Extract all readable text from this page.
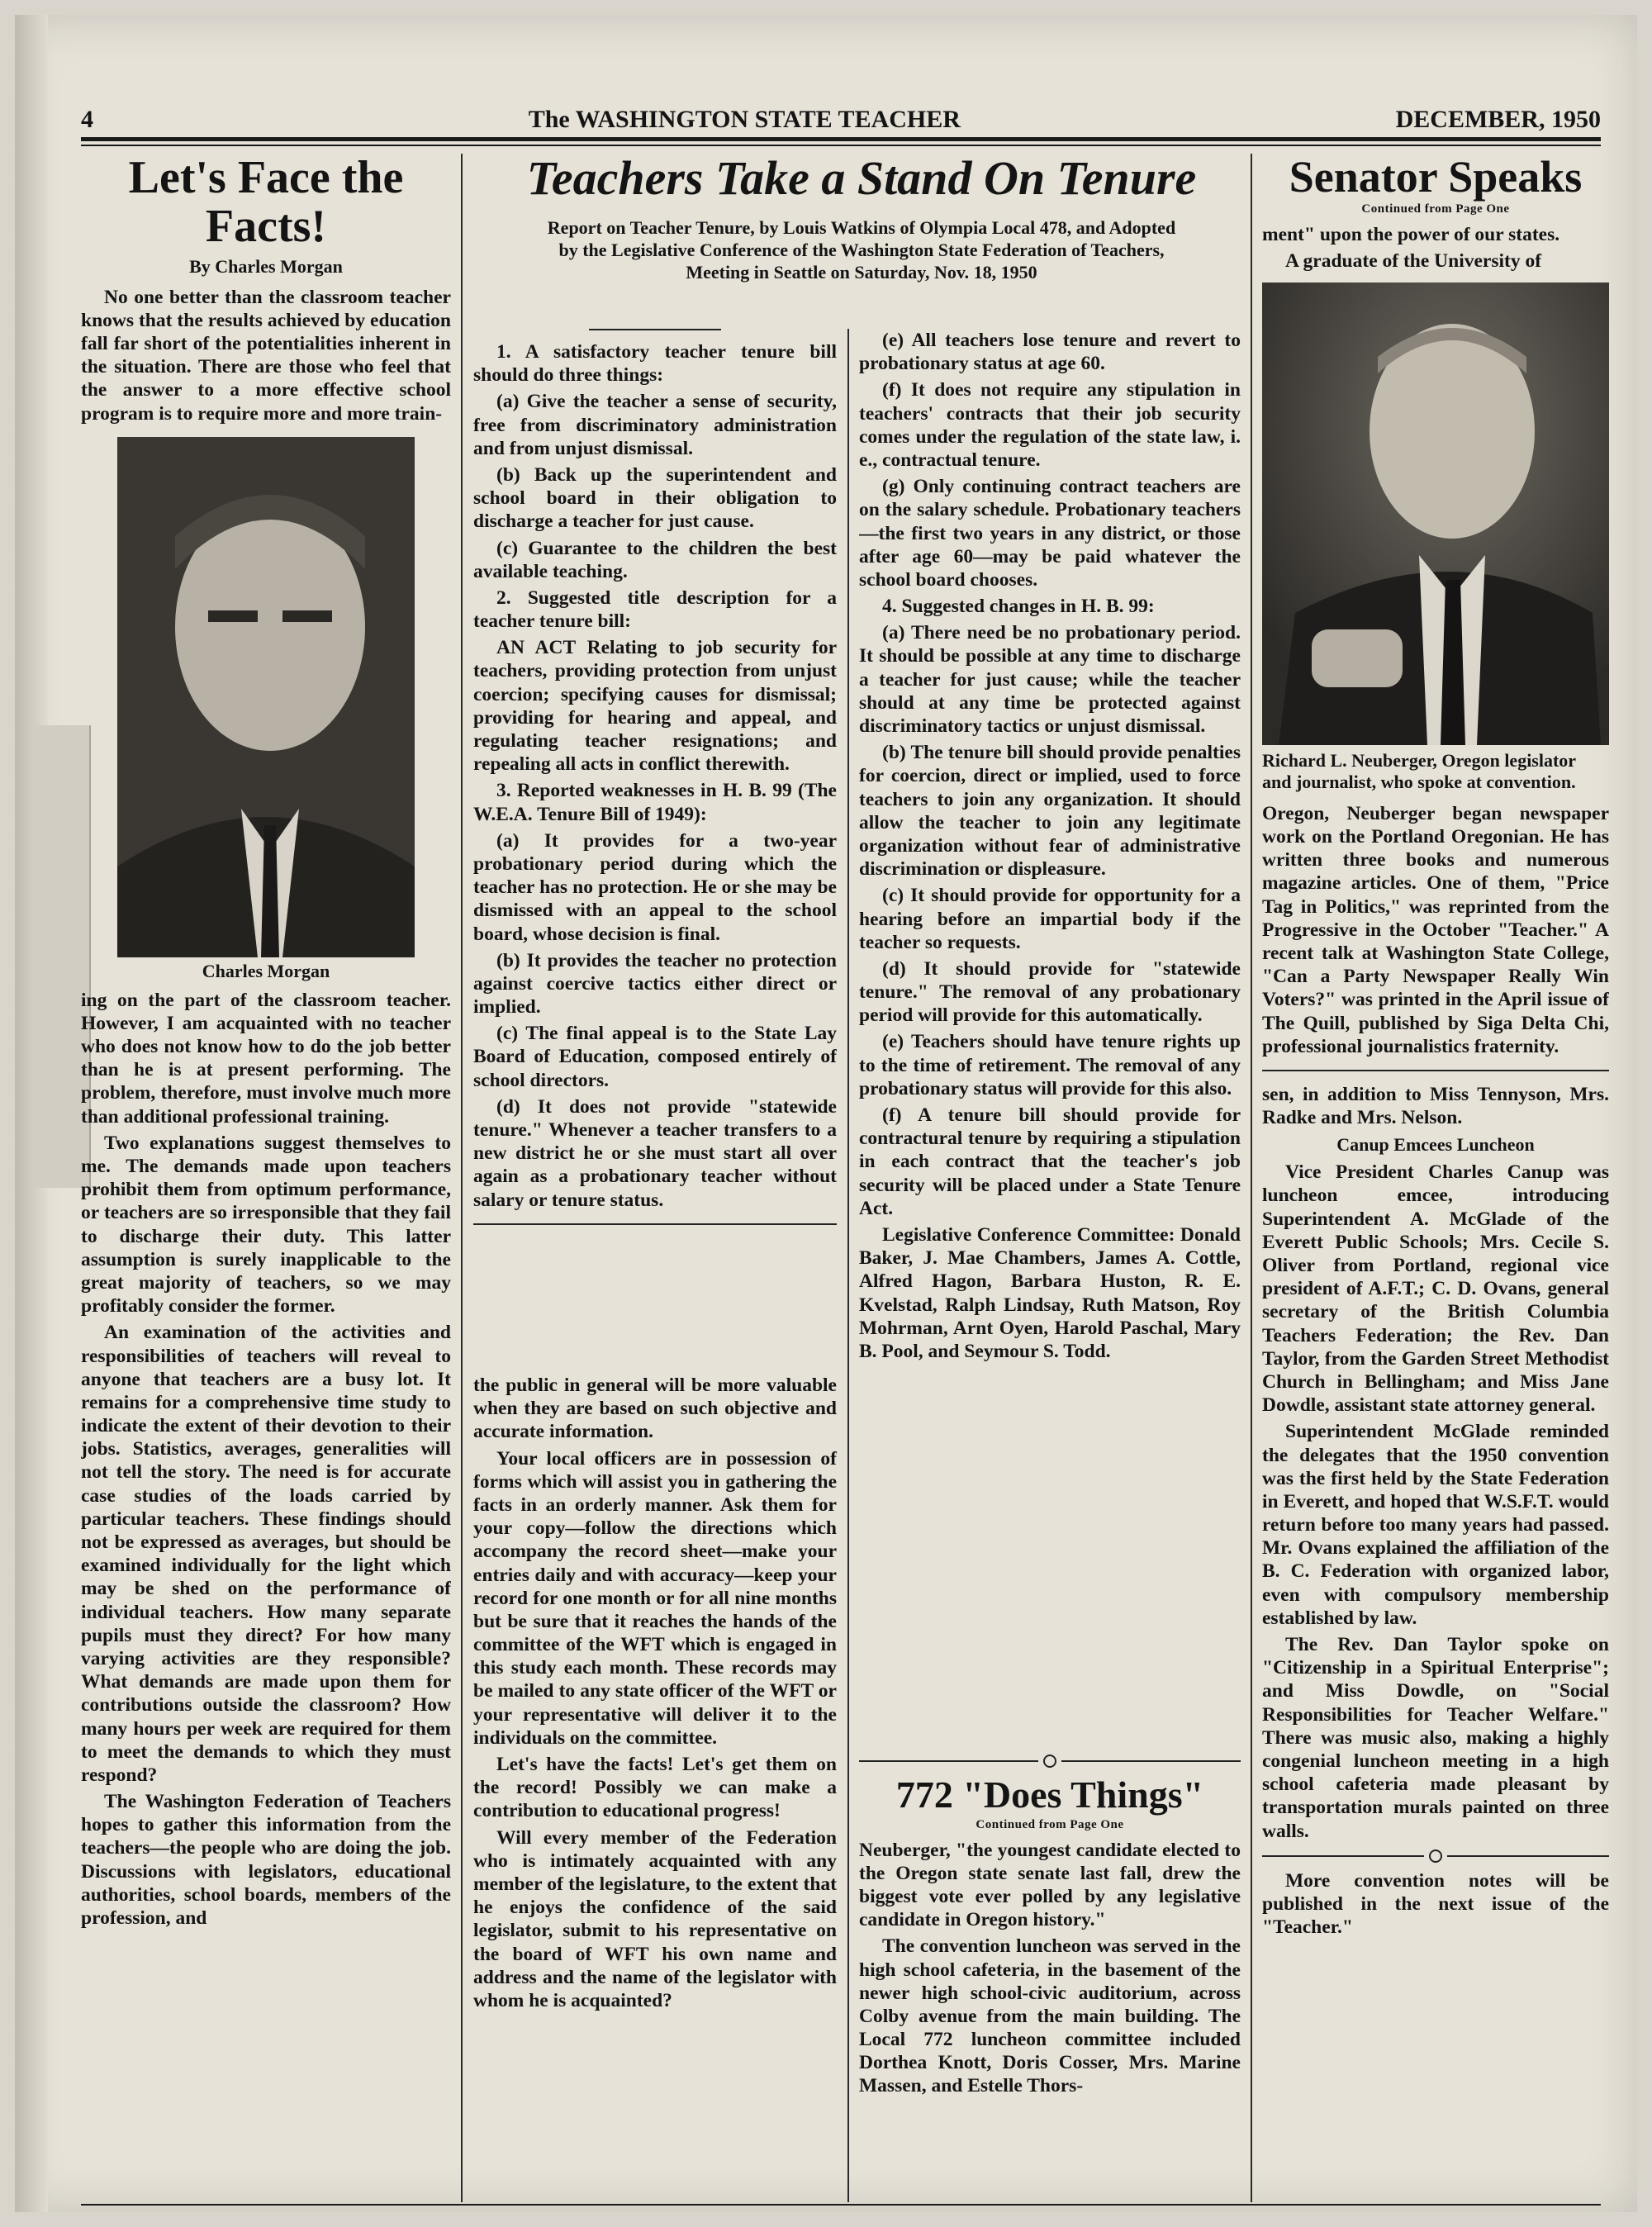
4	The WASHINGTON STATE TEACHER	DECEMBER, 1950
Let's Face the Facts!
By Charles Morgan

No one better than the classroom teacher knows that the results achieved by education fall far short of the potentialities inherent in the situation. There are those who feel that the answer to a more effective school program is to require more and more train-

Charles Morgan

ing on the part of the classroom teacher. However, I am acquainted with no teacher who does not know how to do the job better than he is at present performing. The problem, therefore, must involve much more than additional professional training.

Two explanations suggest themselves to me. The demands made upon teachers prohibit them from optimum performance, or teachers are so irresponsible that they fail to discharge their duty. This latter assumption is surely inapplicable to the great majority of teachers, so we may profitably consider the former.

An examination of the activities and responsibilities of teachers will reveal to anyone that teachers are a busy lot. It remains for a comprehensive time study to indicate the extent of their devotion to their jobs. Statistics, averages, generalities will not tell the story. The need is for accurate case studies of the loads carried by particular teachers. These findings should not be expressed as averages, but should be examined individually for the light which may be shed on the performance of individual teachers. How many separate pupils must they direct? For how many varying activities are they responsible? What demands are made upon them for contributions outside the classroom? How many hours per week are required for them to meet the demands to which they must respond?

The Washington Federation of Teachers hopes to gather this information from the teachers—the people who are doing the job. Discussions with legislators, educational authorities, school boards, members of the profession, and

Teachers Take a Stand On Tenure
Report on Teacher Tenure, by Louis Watkins of Olympia Local 478, and Adopted by the Legislative Conference of the Washington State Federation of Teachers, Meeting in Seattle on Saturday, Nov. 18, 1950

1. A satisfactory teacher tenure bill should do three things:

(a) Give the teacher a sense of security, free from discriminatory administration and from unjust dismissal.

(b) Back up the superintendent and school board in their obligation to discharge a teacher for just cause.

(c) Guarantee to the children the best available teaching.

2. Suggested title description for a teacher tenure bill:

AN ACT Relating to job security for teachers, providing protection from unjust coercion; specifying causes for dismissal; providing for hearing and appeal, and regulating teacher resignations; and repealing all acts in conflict therewith.

3. Reported weaknesses in H. B. 99 (The W.E.A. Tenure Bill of 1949):

(a) It provides for a two-year probationary period during which the teacher has no protection. He or she may be dismissed with an appeal to the school board, whose decision is final.

(b) It provides the teacher no protection against coercive tactics either direct or implied.

(c) The final appeal is to the State Lay Board of Education, composed entirely of school directors.

(d) It does not provide "statewide tenure." Whenever a teacher transfers to a new district he or she must start all over again as a probationary teacher without salary or tenure status.

(e) All teachers lose tenure and revert to probationary status at age 60.

(f) It does not require any stipulation in teachers' contracts that their job security comes under the regulation of the state law, i. e., contractual tenure.

(g) Only continuing contract teachers are on the salary schedule. Probationary teachers—the first two years in any district, or those after age 60—may be paid whatever the school board chooses.

4. Suggested changes in H. B. 99:

(a) There need be no probationary period. It should be possible at any time to discharge a teacher for just cause; while the teacher should at any time be protected against discriminatory tactics or unjust dismissal.

(b) The tenure bill should provide penalties for coercion, direct or implied, used to force teachers to join any organization. It should allow the teacher to join any legitimate organization without fear of administrative discrimination or displeasure.

(c) It should provide for opportunity for a hearing before an impartial body if the teacher so requests.

(d) It should provide for "statewide tenure." The removal of any probationary period will provide for this automatically.

(e) Teachers should have tenure rights up to the time of retirement. The removal of any probationary status will provide for this also.

(f) A tenure bill should provide for contractural tenure by requiring a stipulation in each contract that the teacher's job security will be placed under a State Tenure Act.

Legislative Conference Committee: Donald Baker, J. Mae Chambers, James A. Cottle, Alfred Hagon, Barbara Huston, R. E. Kvelstad, Ralph Lindsay, Ruth Matson, Roy Mohrman, Arnt Oyen, Harold Paschal, Mary B. Pool, and Seymour S. Todd.

the public in general will be more valuable when they are based on such objective and accurate information.

Your local officers are in possession of forms which will assist you in gathering the facts in an orderly manner. Ask them for your copy—follow the directions which accompany the record sheet—make your entries daily and with accuracy—keep your record for one month or for all nine months but be sure that it reaches the hands of the committee of the WFT which is engaged in this study each month. These records may be mailed to any state officer of the WFT or your representative will deliver it to the individuals on the committee.

Let's have the facts! Let's get them on the record! Possibly we can make a contribution to educational progress!

Will every member of the Federation who is intimately acquainted with any member of the legislature, to the extent that he enjoys the confidence of the said legislator, submit to his representative on the board of WFT his own name and address and the name of the legislator with whom he is acquainted?

772 "Does Things"
Continued from Page One

Neuberger, "the youngest candidate elected to the Oregon state senate last fall, drew the biggest vote ever polled by any legislative candidate in Oregon history."

The convention luncheon was served in the high school cafeteria, in the basement of the newer high school-civic auditorium, across Colby avenue from the main building. The Local 772 luncheon committee included Dorthea Knott, Doris Cosser, Mrs. Marine Massen, and Estelle Thors-

Senator Speaks
Continued from Page One

ment" upon the power of our states.

A graduate of the University of

Richard L. Neuberger, Oregon legislator and journalist, who spoke at convention.

Oregon, Neuberger began newspaper work on the Portland Oregonian. He has written three books and numerous magazine articles. One of them, "Price Tag in Politics," was reprinted from the Progressive in the October "Teacher." A recent talk at Washington State College, "Can a Party Newspaper Really Win Voters?" was printed in the April issue of The Quill, published by Siga Delta Chi, professional journalistics fraternity.

sen, in addition to Miss Tennyson, Mrs. Radke and Mrs. Nelson.

Canup Emcees Luncheon

Vice President Charles Canup was luncheon emcee, introducing Superintendent A. McGlade of the Everett Public Schools; Mrs. Cecile S. Oliver from Portland, regional vice president of A.F.T.; C. D. Ovans, general secretary of the British Columbia Teachers Federation; the Rev. Dan Taylor, from the Garden Street Methodist Church in Bellingham; and Miss Jane Dowdle, assistant state attorney general.

Superintendent McGlade reminded the delegates that the 1950 convention was the first held by the State Federation in Everett, and hoped that W.S.F.T. would return before too many years had passed. Mr. Ovans explained the affiliation of the B. C. Federation with organized labor, even with compulsory membership established by law.

The Rev. Dan Taylor spoke on "Citizenship in a Spiritual Enterprise"; and Miss Dowdle, on "Social Responsibilities for Teacher Welfare." There was music also, making a highly congenial luncheon meeting in a high school cafeteria made pleasant by transportation murals painted on three walls.

More convention notes will be published in the next issue of the "Teacher."
